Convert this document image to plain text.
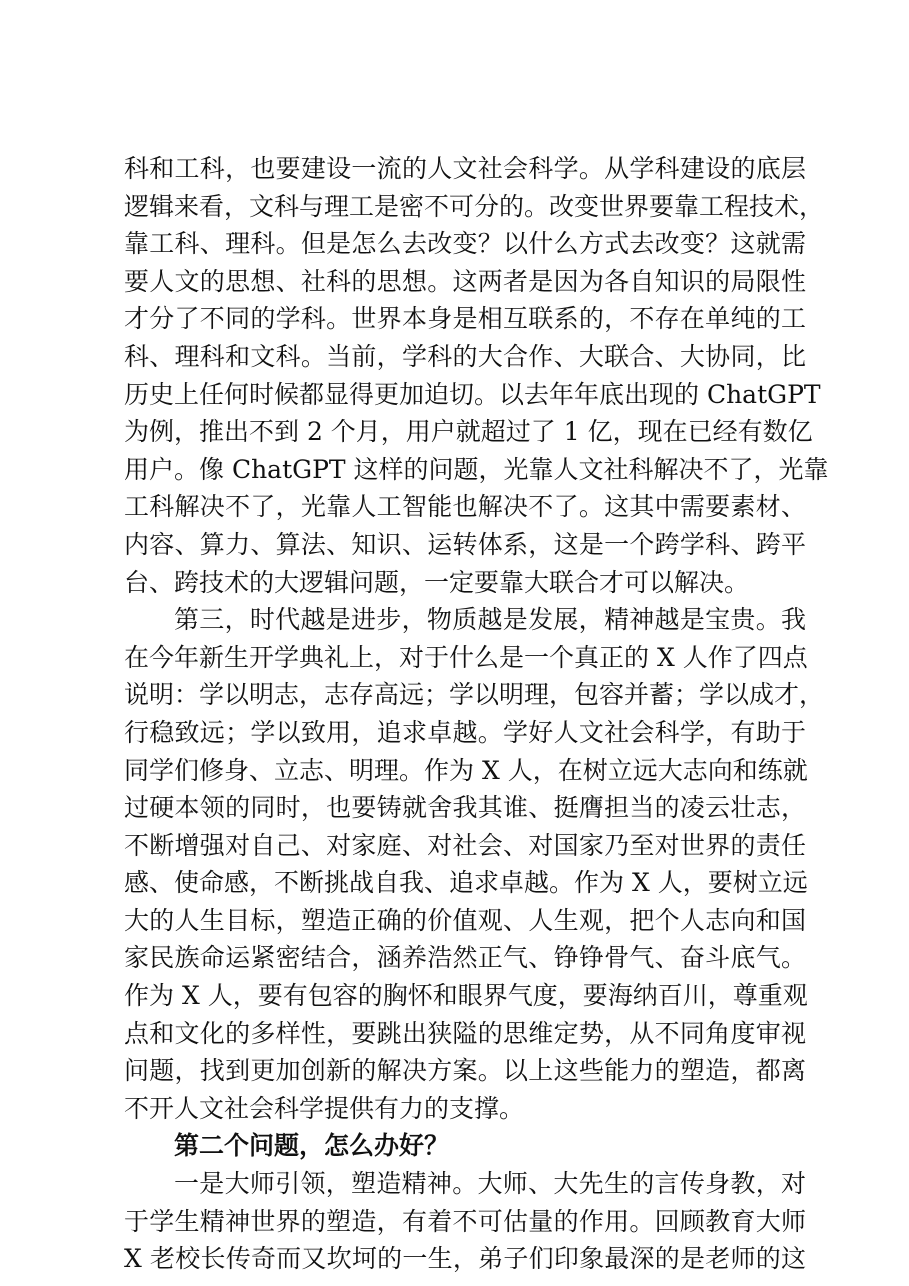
科和工科，也要建设一流的人文社会科学。从学科建设的底层
逻辑来看，文科与理工是密不可分的。改变世界要靠工程技术，
靠工科、理科。但是怎么去改变？以什么方式去改变？这就需
要人文的思想、社科的思想。这两者是因为各自知识的局限性
才分了不同的学科。世界本身是相互联系的，不存在单纯的工
科、理科和文科。当前，学科的大合作、大联合、大协同，比
历史上任何时候都显得更加迫切。以去年年底出现的 ChatGPT
为例，推出不到 2 个月，用户就超过了 1 亿，现在已经有数亿
用户。像 ChatGPT 这样的问题，光靠人文社科解决不了，光靠
工科解决不了，光靠人工智能也解决不了。这其中需要素材、
内容、算力、算法、知识、运转体系，这是一个跨学科、跨平
台、跨技术的大逻辑问题，一定要靠大联合才可以解决。
第三，时代越是进步，物质越是发展，精神越是宝贵。我
在今年新生开学典礼上，对于什么是一个真正的 X 人作了四点
说明：学以明志，志存高远；学以明理，包容并蓄；学以成才，
行稳致远；学以致用，追求卓越。学好人文社会科学，有助于
同学们修身、立志、明理。作为 X 人，在树立远大志向和练就
过硬本领的同时，也要铸就舍我其谁、挺膺担当的凌云壮志，
不断增强对自己、对家庭、对社会、对国家乃至对世界的责任
感、使命感，不断挑战自我、追求卓越。作为 X 人，要树立远
大的人生目标，塑造正确的价值观、人生观，把个人志向和国
家民族命运紧密结合，涵养浩然正气、铮铮骨气、奋斗底气。
作为 X 人，要有包容的胸怀和眼界气度，要海纳百川，尊重观
点和文化的多样性，要跳出狭隘的思维定势，从不同角度审视
问题，找到更加创新的解决方案。以上这些能力的塑造，都离
不开人文社会科学提供有力的支撑。
第二个问题，怎么办好？
一是大师引领，塑造精神。大师、大先生的言传身教，对
于学生精神世界的塑造，有着不可估量的作用。回顾教育大师
X 老校长传奇而又坎坷的一生，弟子们印象最深的是老师的这
